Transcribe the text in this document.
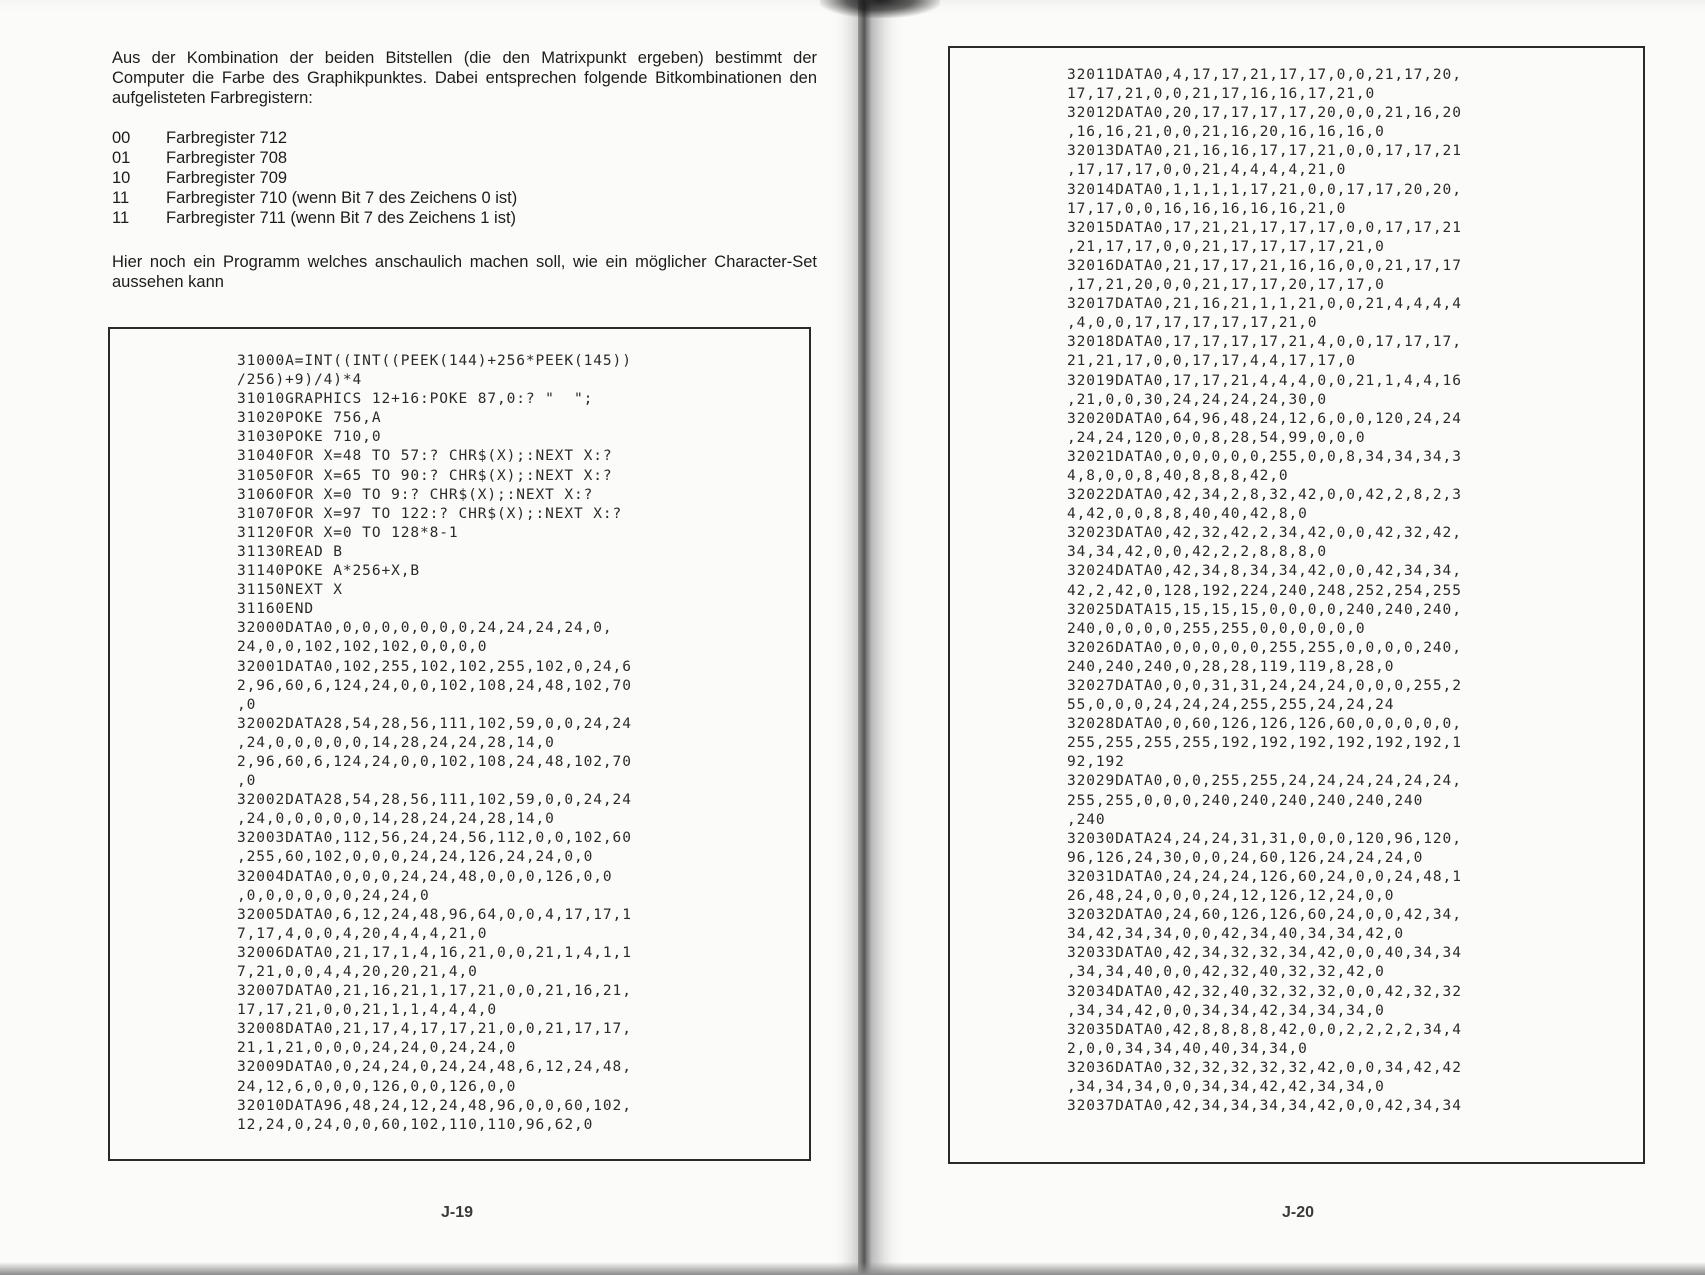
Aus der Kombination der beiden Bitstellen (die den Matrixpunkt ergeben) bestimmt der Computer die Farbe des Graphikpunktes. Dabei entsprechen folgende Bitkombinationen den aufgelisteten Farbregistern:

00	Farbregister 712
01	Farbregister 708
10	Farbregister 709
11	Farbregister 710 (wenn Bit 7 des Zeichens 0 ist)
11	Farbregister 711 (wenn Bit 7 des Zeichens 1 ist)

Hier noch ein Programm welches anschaulich machen soll, wie ein möglicher Character-Set aussehen kann

31000A=INT((INT((PEEK(144)+256*PEEK(145))
/256)+9)/4)*4
31010GRAPHICS 12+16:POKE 87,0:? "  ";
31020POKE 756,A
31030POKE 710,0
31040FOR X=48 TO 57:? CHR$(X);:NEXT X:?
31050FOR X=65 TO 90:? CHR$(X);:NEXT X:?
31060FOR X=0 TO 9:? CHR$(X);:NEXT X:?
31070FOR X=97 TO 122:? CHR$(X);:NEXT X:?
31120FOR X=0 TO 128*8-1
31130READ B
31140POKE A*256+X,B
31150NEXT X
31160END
32000DATA0,0,0,0,0,0,0,0,24,24,24,24,0,
24,0,0,102,102,102,0,0,0,0
32001DATA0,102,255,102,102,255,102,0,24,6
2,96,60,6,124,24,0,0,102,108,24,48,102,70
,0
32002DATA28,54,28,56,111,102,59,0,0,24,24
,24,0,0,0,0,0,14,28,24,24,28,14,0
2,96,60,6,124,24,0,0,102,108,24,48,102,70
,0
32002DATA28,54,28,56,111,102,59,0,0,24,24
,24,0,0,0,0,0,14,28,24,24,28,14,0
32003DATA0,112,56,24,24,56,112,0,0,102,60
,255,60,102,0,0,0,24,24,126,24,24,0,0
32004DATA0,0,0,0,24,24,48,0,0,0,126,0,0
,0,0,0,0,0,0,24,24,0
32005DATA0,6,12,24,48,96,64,0,0,4,17,17,1
7,17,4,0,0,4,20,4,4,4,21,0
32006DATA0,21,17,1,4,16,21,0,0,21,1,4,1,1
7,21,0,0,4,4,20,20,21,4,0
32007DATA0,21,16,21,1,17,21,0,0,21,16,21,
17,17,21,0,0,21,1,1,4,4,4,0
32008DATA0,21,17,4,17,17,21,0,0,21,17,17,
21,1,21,0,0,0,24,24,0,24,24,0
32009DATA0,0,24,24,0,24,24,48,6,12,24,48,
24,12,6,0,0,0,126,0,0,126,0,0
32010DATA96,48,24,12,24,48,96,0,0,60,102,
12,24,0,24,0,0,60,102,110,110,96,62,0
J-19
32011DATA0,4,17,17,21,17,17,0,0,21,17,20,
17,17,21,0,0,21,17,16,16,17,21,0
32012DATA0,20,17,17,17,17,20,0,0,21,16,20
,16,16,21,0,0,21,16,20,16,16,16,0
32013DATA0,21,16,16,17,17,21,0,0,17,17,21
,17,17,17,0,0,21,4,4,4,4,21,0
32014DATA0,1,1,1,1,17,21,0,0,17,17,20,20,
17,17,0,0,16,16,16,16,16,21,0
32015DATA0,17,21,21,17,17,17,0,0,17,17,21
,21,17,17,0,0,21,17,17,17,17,21,0
32016DATA0,21,17,17,21,16,16,0,0,21,17,17
,17,21,20,0,0,21,17,17,20,17,17,0
32017DATA0,21,16,21,1,1,21,0,0,21,4,4,4,4
,4,0,0,17,17,17,17,17,21,0
32018DATA0,17,17,17,17,21,4,0,0,17,17,17,
21,21,17,0,0,17,17,4,4,17,17,0
32019DATA0,17,17,21,4,4,4,0,0,21,1,4,4,16
,21,0,0,30,24,24,24,24,30,0
32020DATA0,64,96,48,24,12,6,0,0,120,24,24
,24,24,120,0,0,8,28,54,99,0,0,0
32021DATA0,0,0,0,0,0,255,0,0,8,34,34,34,3
4,8,0,0,8,40,8,8,8,42,0
32022DATA0,42,34,2,8,32,42,0,0,42,2,8,2,3
4,42,0,0,8,8,40,40,42,8,0
32023DATA0,42,32,42,2,34,42,0,0,42,32,42,
34,34,42,0,0,42,2,2,8,8,8,0
32024DATA0,42,34,8,34,34,42,0,0,42,34,34,
42,2,42,0,128,192,224,240,248,252,254,255
32025DATA15,15,15,15,0,0,0,0,240,240,240,
240,0,0,0,0,255,255,0,0,0,0,0,0
32026DATA0,0,0,0,0,0,255,255,0,0,0,0,240,
240,240,240,0,28,28,119,119,8,28,0
32027DATA0,0,0,31,31,24,24,24,0,0,0,255,2
55,0,0,0,24,24,24,255,255,24,24,24
32028DATA0,0,60,126,126,126,60,0,0,0,0,0,
255,255,255,255,192,192,192,192,192,192,1
92,192
32029DATA0,0,0,255,255,24,24,24,24,24,24,
255,255,0,0,0,240,240,240,240,240,240
,240
32030DATA24,24,24,31,31,0,0,0,120,96,120,
96,126,24,30,0,0,24,60,126,24,24,24,0
32031DATA0,24,24,24,126,60,24,0,0,24,48,1
26,48,24,0,0,0,24,12,126,12,24,0,0
32032DATA0,24,60,126,126,60,24,0,0,42,34,
34,42,34,34,0,0,42,34,40,34,34,42,0
32033DATA0,42,34,32,32,34,42,0,0,40,34,34
,34,34,40,0,0,42,32,40,32,32,42,0
32034DATA0,42,32,40,32,32,32,0,0,42,32,32
,34,34,42,0,0,34,34,42,34,34,34,0
32035DATA0,42,8,8,8,8,42,0,0,2,2,2,2,34,4
2,0,0,34,34,40,40,34,34,0
32036DATA0,32,32,32,32,32,42,0,0,34,42,42
,34,34,34,0,0,34,34,42,42,34,34,0
32037DATA0,42,34,34,34,34,42,0,0,42,34,34
J-20
